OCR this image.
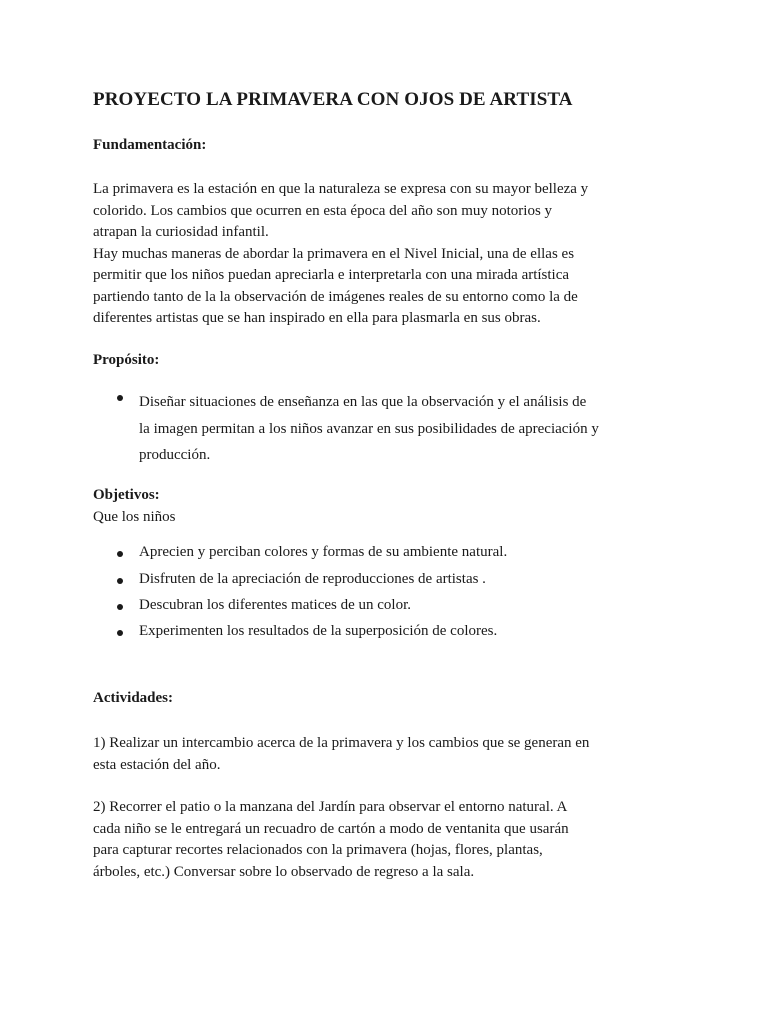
PROYECTO LA PRIMAVERA CON OJOS DE ARTISTA
Fundamentación:
La primavera es la estación en que la naturaleza se expresa con su mayor belleza y
colorido. Los cambios que ocurren en esta época del año son muy notorios y
atrapan la curiosidad infantil.
Hay muchas maneras de abordar la primavera en el Nivel Inicial, una de ellas es
permitir que los niños puedan apreciarla e interpretarla con una mirada artística
partiendo tanto de la la observación de imágenes reales de su entorno como la de
diferentes artistas que se han inspirado en ella para plasmarla en sus obras.
Propósito:
Diseñar situaciones de enseñanza en las que la observación y el análisis de
la imagen permitan a los niños avanzar en sus posibilidades de apreciación y
producción.
Objetivos:
Que los niños
Aprecien y perciban colores y formas de su ambiente natural.
Disfruten de la apreciación de reproducciones de artistas .
Descubran los diferentes matices de un color.
Experimenten los resultados de la superposición de colores.
Actividades:
1) Realizar un intercambio acerca de la primavera y los cambios que se generan en
esta estación del año.
2) Recorrer el patio o la manzana del Jardín para observar el entorno natural. A
cada niño se le entregará un recuadro de cartón a modo de ventanita que usarán
para capturar recortes relacionados con la primavera (hojas, flores, plantas,
árboles, etc.) Conversar sobre lo observado de regreso a la sala.
